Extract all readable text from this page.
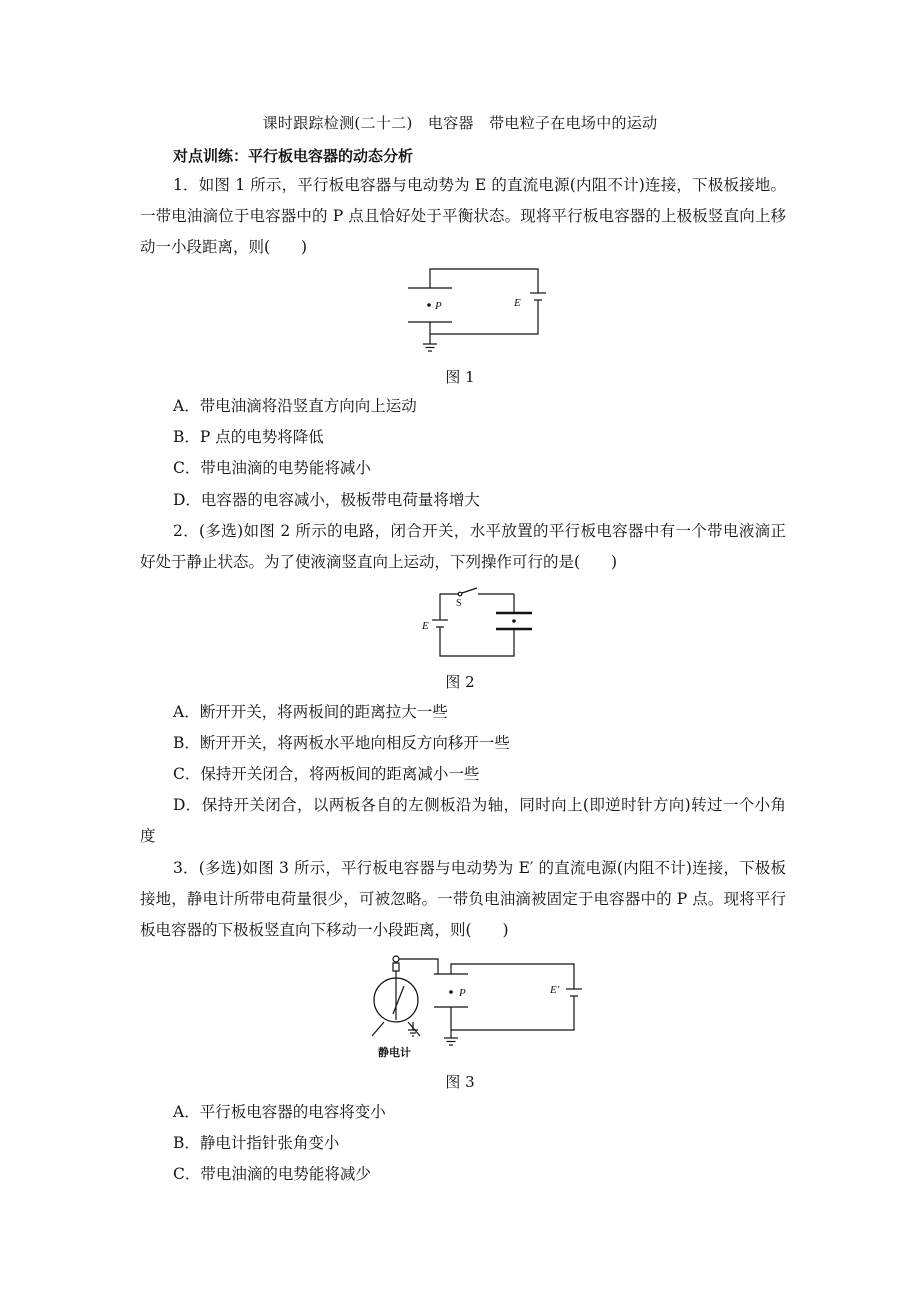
课时跟踪检测(二十二)　电容器　带电粒子在电场中的运动
对点训练：平行板电容器的动态分析
1．如图 1 所示，平行板电容器与电动势为 E 的直流电源(内阻不计)连接，下极板接地。一带电油滴位于电容器中的 P 点且恰好处于平衡状态。现将平行板电容器的上极板竖直向上移动一小段距离，则(　　)
P	E
图 1
A．带电油滴将沿竖直方向向上运动
B．P 点的电势将降低
C．带电油滴的电势能将减小
D．电容器的电容减小，极板带电荷量将增大
2．(多选)如图 2 所示的电路，闭合开关，水平放置的平行板电容器中有一个带电液滴正好处于静止状态。为了使液滴竖直向上运动，下列操作可行的是(　　)
S
E
图 2
A．断开开关，将两板间的距离拉大一些
B．断开开关，将两板水平地向相反方向移开一些
C．保持开关闭合，将两板间的距离减小一些
D．保持开关闭合，以两板各自的左侧板沿为轴，同时向上(即逆时针方向)转过一个小角度
3．(多选)如图 3 所示，平行板电容器与电动势为 E′ 的直流电源(内阻不计)连接，下极板接地，静电计所带电荷量很少，可被忽略。一带负电油滴被固定于电容器中的 P 点。现将平行板电容器的下极板竖直向下移动一小段距离，则(　　)
P	E′
静电计
图 3
A．平行板电容器的电容将变小
B．静电计指针张角变小
C．带电油滴的电势能将减少
